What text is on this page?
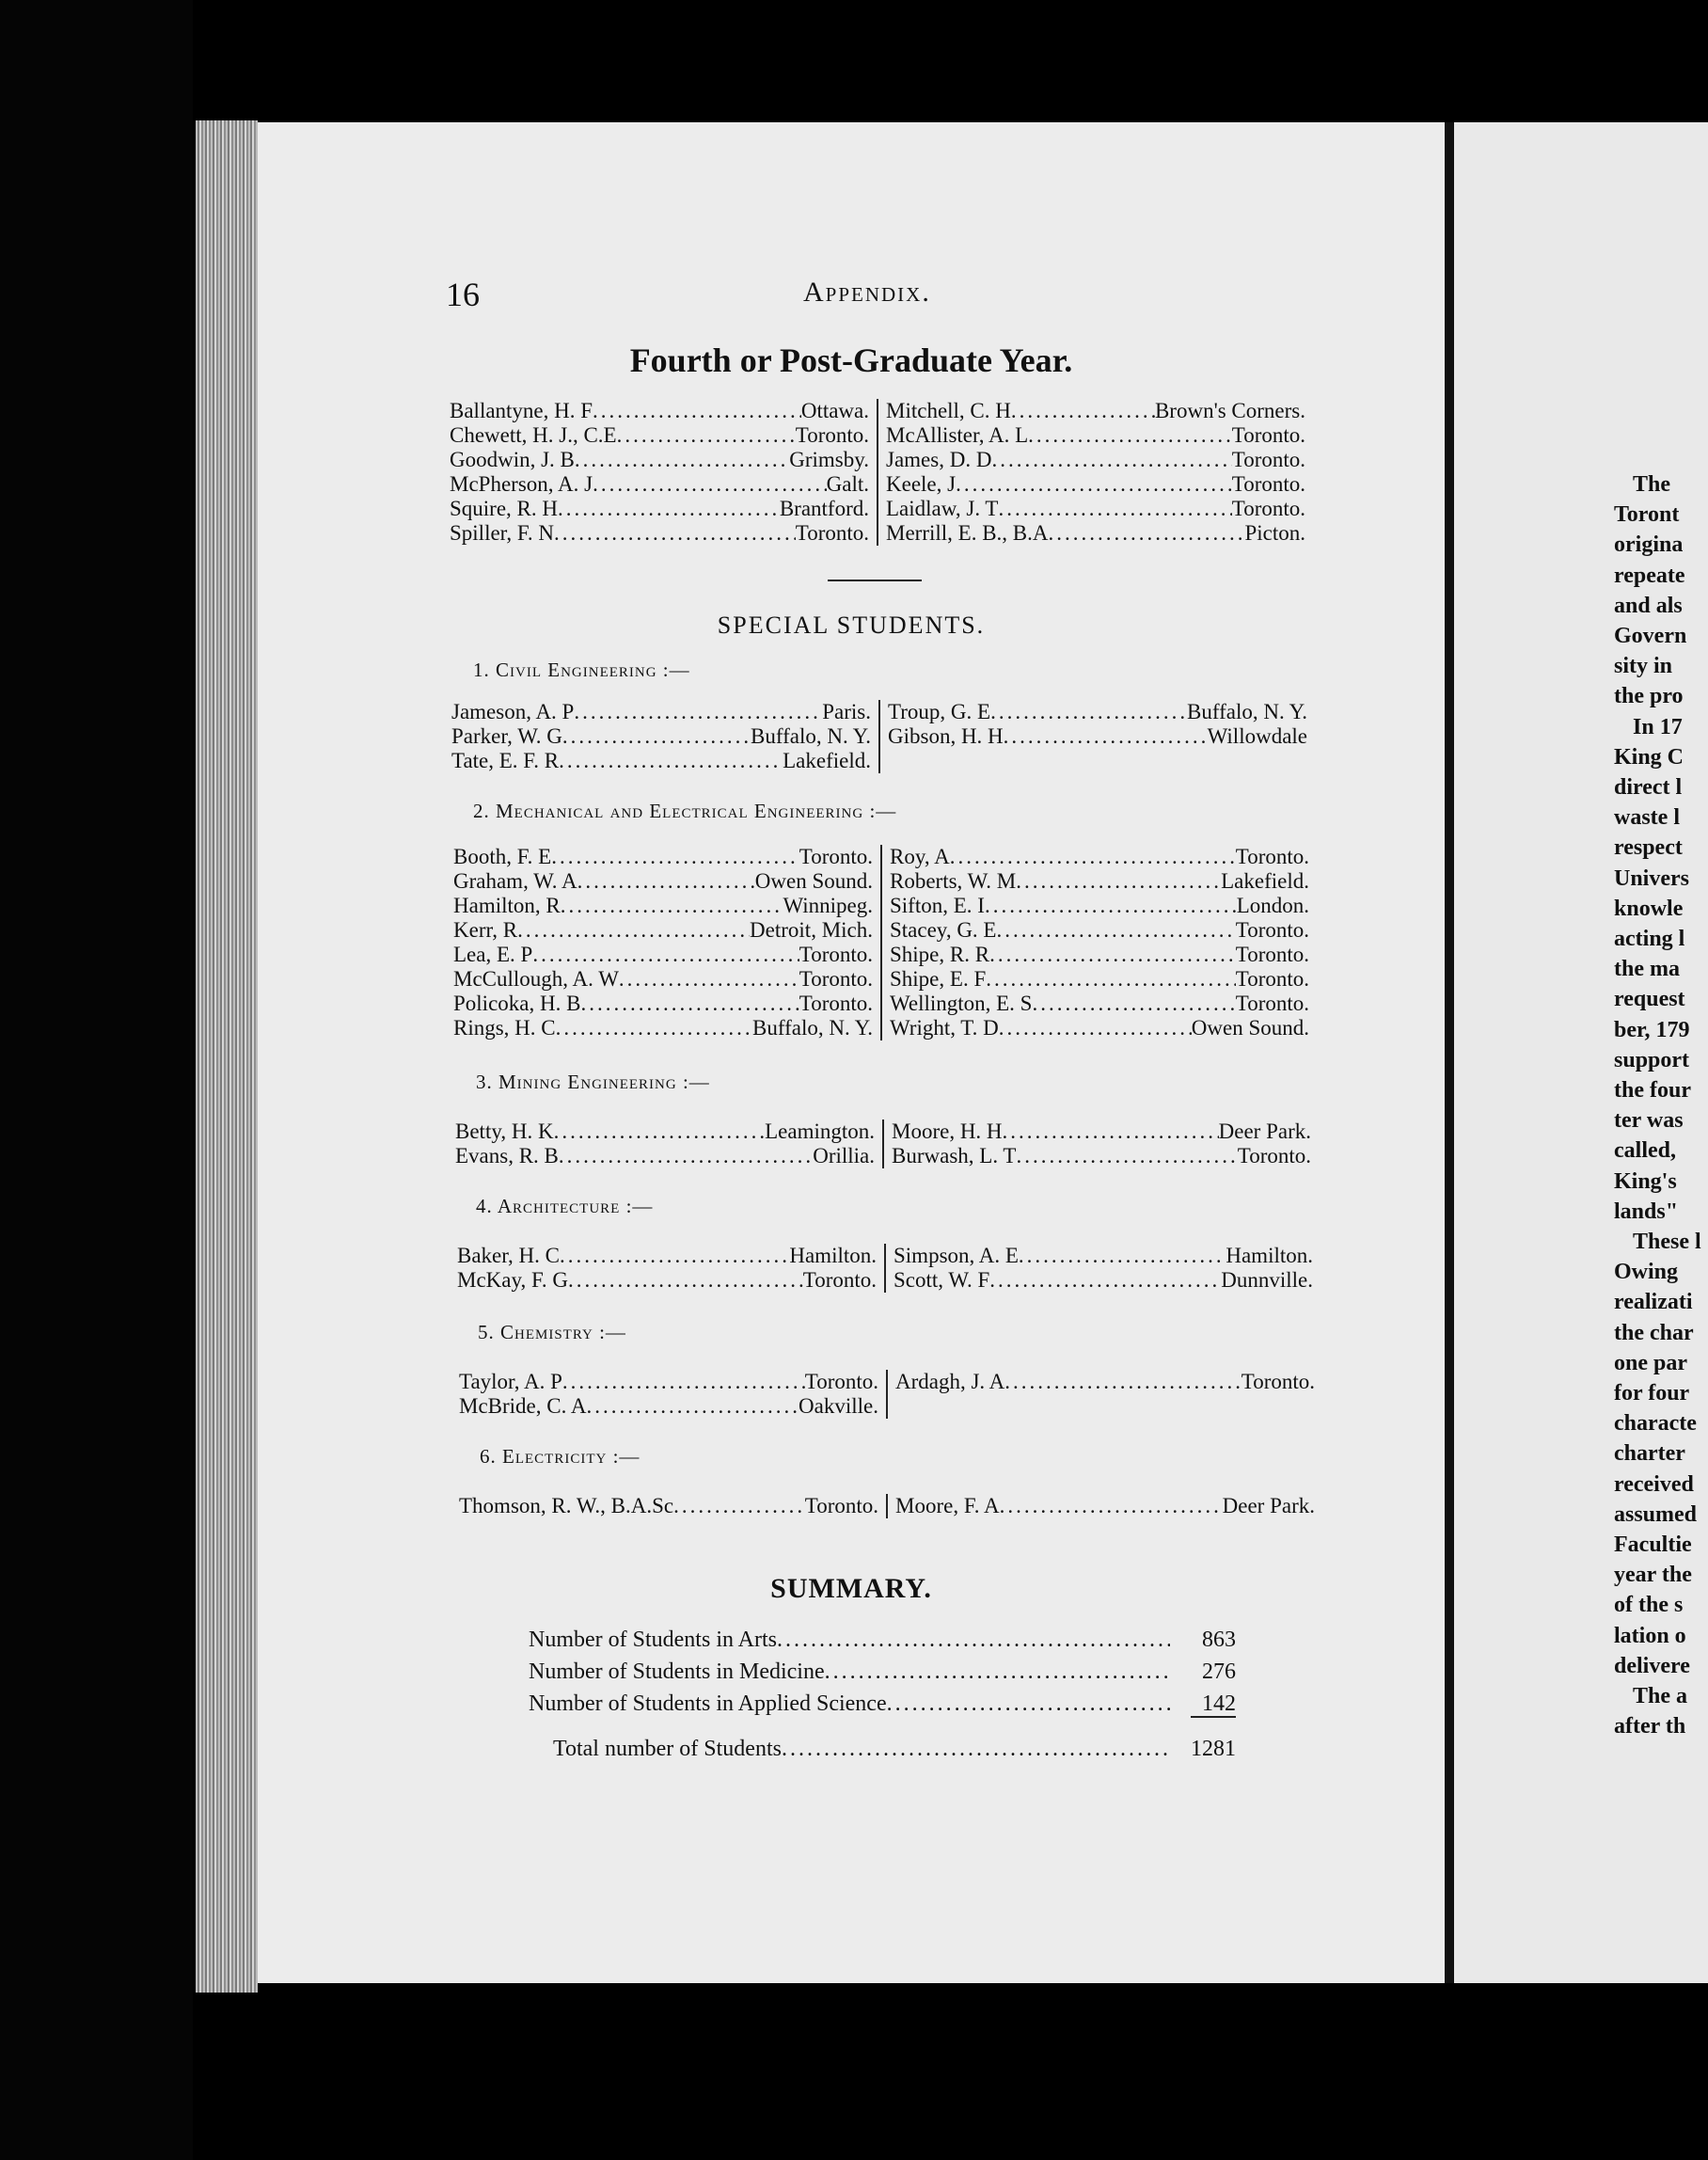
16	Appendix.
Fourth or Post-Graduate Year.
Ballantyne, H. F .....	Ottawa.
Chewett, H. J., C.E .....	Toronto.
Goodwin, J. B .....	Grimsby.
McPherson, A. J .....	Galt.
Squire, R. H .....	Brantford.
Spiller, F. N .....	Toronto.
Mitchell, C. H .....	Brown's Corners.
McAllister, A. L .....	Toronto.
James, D. D .....	Toronto.
Keele, J .....	Toronto.
Laidlaw, J. T .....	Toronto.
Merrill, E. B., B.A .....	Picton.
SPECIAL STUDENTS.
1. Civil Engineering :—
Jameson, A. P .....	Paris.
Parker, W. G .....	Buffalo, N. Y.
Tate, E. F. R .....	Lakefield.
Troup, G. E .....	Buffalo, N. Y.
Gibson, H. H .....	Willowdale
2. Mechanical and Electrical Engineering :—
Booth, F. E .....	Toronto.
Graham, W. A .....	Owen Sound.
Hamilton, R .....	Winnipeg.
Kerr, R .....	Detroit, Mich.
Lea, E. P .....	Toronto.
McCullough, A. W .....	Toronto.
Policoka, H. B .....	Toronto.
Rings, H. C .....	Buffalo, N. Y.
Roy, A .....	Toronto.
Roberts, W. M .....	Lakefield.
Sifton, E. I .....	London.
Stacey, G. E .....	Toronto.
Shipe, R. R .....	Toronto.
Shipe, E. F .....	Toronto.
Wellington, E. S .....	Toronto.
Wright, T. D .....	Owen Sound.
3. Mining Engineering :—
Betty, H. K .....	Leamington.
Evans, R. B .....	Orillia.
Moore, H. H .....	Deer Park.
Burwash, L. T .....	Toronto.
4. Architecture :—
Baker, H. C .....	Hamilton.
McKay, F. G .....	Toronto.
Simpson, A. E .....	Hamilton.
Scott, W. F .....	Dunnville.
5. Chemistry :—
Taylor, A. P .....	Toronto.
McBride, C. A .....	Oakville.
Ardagh, J. A .....	Toronto.
6. Electricity :—
Thomson, R. W., B.A.Sc .....	Toronto. Moore, F. A .....	Deer Park.
SUMMARY.
Number of Students in Arts .....	863
Number of Students in Medicine .....	276
Number of Students in Applied Science .....	142
Total number of Students .....	1281
The
Toront
origina
repeate
and als
Govern
sity in
the pro
In 17
King C
direct l
waste l
respect
Univers
knowle
acting l
the ma
request
ber, 179
support
the four
ter was
called,
King's
lands"
These l
Owing
realizati
the char
one par
for four
characte
charter
received
assumed
Facultie
year the
of the s
lation o
delivere
The a
after th
